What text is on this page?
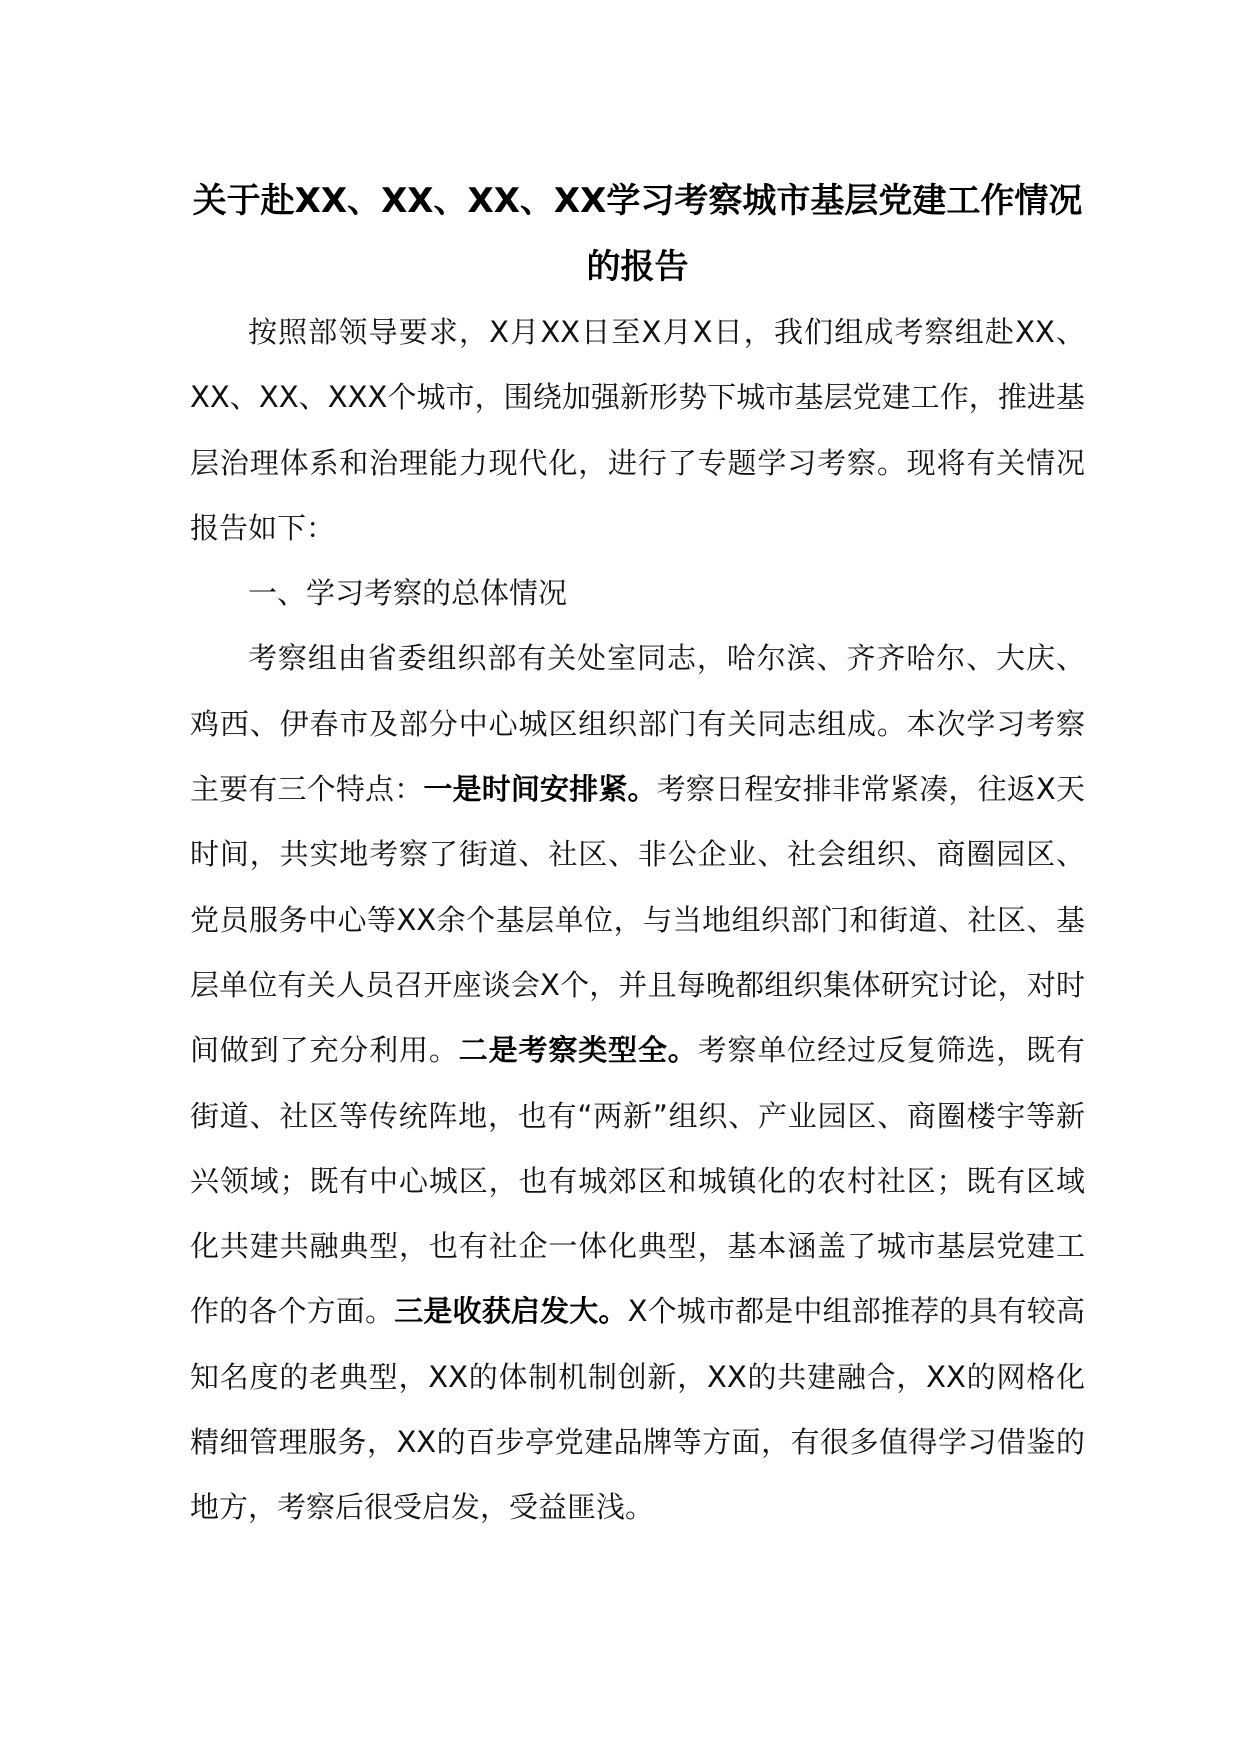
关于赴XX、XX、XX、XX学习考察城市基层党建工作情况的报告

按照部领导要求，X月XX日至X月X日，我们组成考察组赴XX、XX、XX、XXX个城市，围绕加强新形势下城市基层党建工作，推进基层治理体系和治理能力现代化，进行了专题学习考察。现将有关情况报告如下：

一、学习考察的总体情况

考察组由省委组织部有关处室同志，哈尔滨、齐齐哈尔、大庆、鸡西、伊春市及部分中心城区组织部门有关同志组成。本次学习考察主要有三个特点：一是时间安排紧。考察日程安排非常紧凑，往返X天时间，共实地考察了街道、社区、非公企业、社会组织、商圈园区、党员服务中心等XX余个基层单位，与当地组织部门和街道、社区、基层单位有关人员召开座谈会X个，并且每晚都组织集体研究讨论，对时间做到了充分利用。二是考察类型全。考察单位经过反复筛选，既有街道、社区等传统阵地，也有“两新”组织、产业园区、商圈楼宇等新兴领域；既有中心城区，也有城郊区和城镇化的农村社区；既有区域化共建共融典型，也有社企一体化典型，基本涵盖了城市基层党建工作的各个方面。三是收获启发大。X个城市都是中组部推荐的具有较高知名度的老典型，XX的体制机制创新，XX的共建融合，XX的网格化精细管理服务，XX的百步亭党建品牌等方面，有很多值得学习借鉴的地方，考察后很受启发，受益匪浅。
